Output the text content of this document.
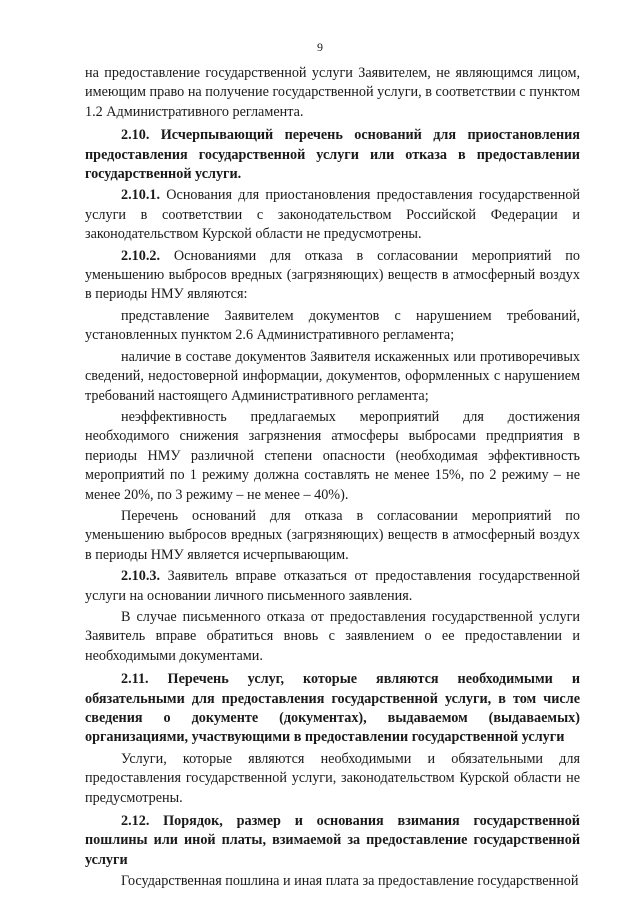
9

на предоставление государственной услуги Заявителем, не являющимся лицом, имеющим право на получение государственной услуги, в соответствии с пунктом 1.2 Административного регламента.

2.10. Исчерпывающий перечень оснований для приостановления предоставления государственной услуги или отказа в предоставлении государственной услуги.

2.10.1. Основания для приостановления предоставления государственной услуги в соответствии с законодательством Российской Федерации и законодательством Курской области не предусмотрены.

2.10.2. Основаниями для отказа в согласовании мероприятий по уменьшению выбросов вредных (загрязняющих) веществ в атмосферный воздух в периоды НМУ являются:

представление Заявителем документов с нарушением требований, установленных пунктом 2.6 Административного регламента;

наличие в составе документов Заявителя искаженных или противоречивых сведений, недостоверной информации, документов, оформленных с нарушением требований настоящего Административного регламента;

неэффективность предлагаемых мероприятий для достижения необходимого снижения загрязнения атмосферы выбросами предприятия в периоды НМУ различной степени опасности (необходимая эффективность мероприятий по 1 режиму должна составлять не менее 15%, по 2 режиму – не менее 20%, по 3 режиму – не менее – 40%).

Перечень оснований для отказа в согласовании мероприятий по уменьшению выбросов вредных (загрязняющих) веществ в атмосферный воздух в периоды НМУ является исчерпывающим.

2.10.3. Заявитель вправе отказаться от предоставления государственной услуги на основании личного письменного заявления.

В случае письменного отказа от предоставления государственной услуги Заявитель вправе обратиться вновь с заявлением о ее предоставлении и необходимыми документами.

2.11. Перечень услуг, которые являются необходимыми и обязательными для предоставления государственной услуги, в том числе сведения о документе (документах), выдаваемом (выдаваемых) организациями, участвующими в предоставлении государственной услуги

Услуги, которые являются необходимыми и обязательными для предоставления государственной услуги, законодательством Курской области не предусмотрены.

2.12. Порядок, размер и основания взимания государственной пошлины или иной платы, взимаемой за предоставление государственной услуги

Государственная пошлина и иная плата за предоставление государственной
